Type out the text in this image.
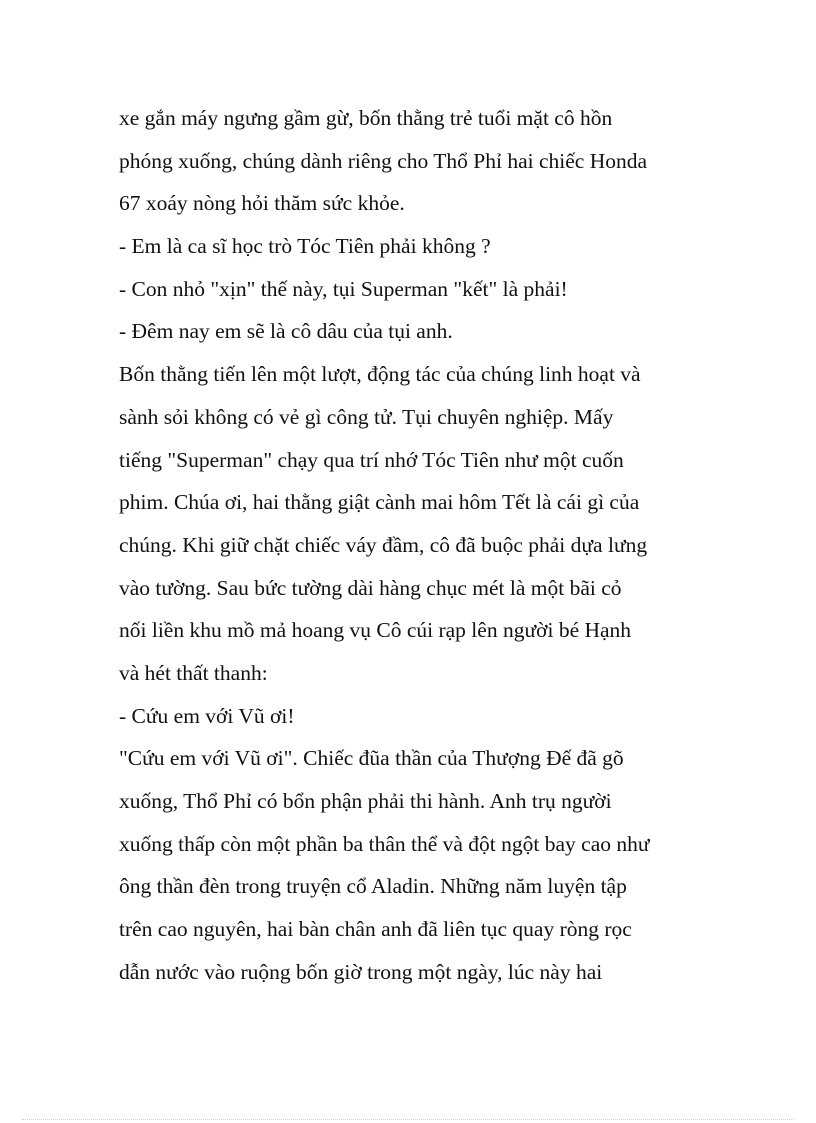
xe gắn máy ngưng gầm gừ, bốn thằng trẻ tuổi mặt cô hồn
phóng xuống, chúng dành riêng cho Thổ Phỉ hai chiếc Honda
67 xoáy nòng hỏi thăm sức khỏe.
- Em là ca sĩ học trò Tóc Tiên phải không ?
- Con nhỏ "xịn" thế này, tụi Superman "kết" là phải!
- Đêm nay em sẽ là cô dâu của tụi anh.
Bốn thằng tiến lên một lượt, động tác của chúng linh hoạt và
sành sỏi không có vẻ gì công tử. Tụi chuyên nghiệp. Mấy
tiếng "Superman" chạy qua trí nhớ Tóc Tiên như một cuốn
phim. Chúa ơi, hai thằng giật cành mai hôm Tết là cái gì của
chúng. Khi giữ chặt chiếc váy đầm, cô đã buộc phải dựa lưng
vào tường. Sau bức tường dài hàng chục mét là một bãi cỏ
nối liền khu mồ mả hoang vụ Cô cúi rạp lên người bé Hạnh
và hét thất thanh:
- Cứu em với Vũ ơi!
"Cứu em với Vũ ơi". Chiếc đũa thần của Thượng Đế đã gõ
xuống, Thổ Phỉ có bổn phận phải thi hành. Anh trụ người
xuống thấp còn một phần ba thân thể và đột ngột bay cao như
ông thần đèn trong truyện cổ Aladin. Những năm luyện tập
trên cao nguyên, hai bàn chân anh đã liên tục quay ròng rọc
dẫn nước vào ruộng bốn giờ trong một ngày, lúc này hai
